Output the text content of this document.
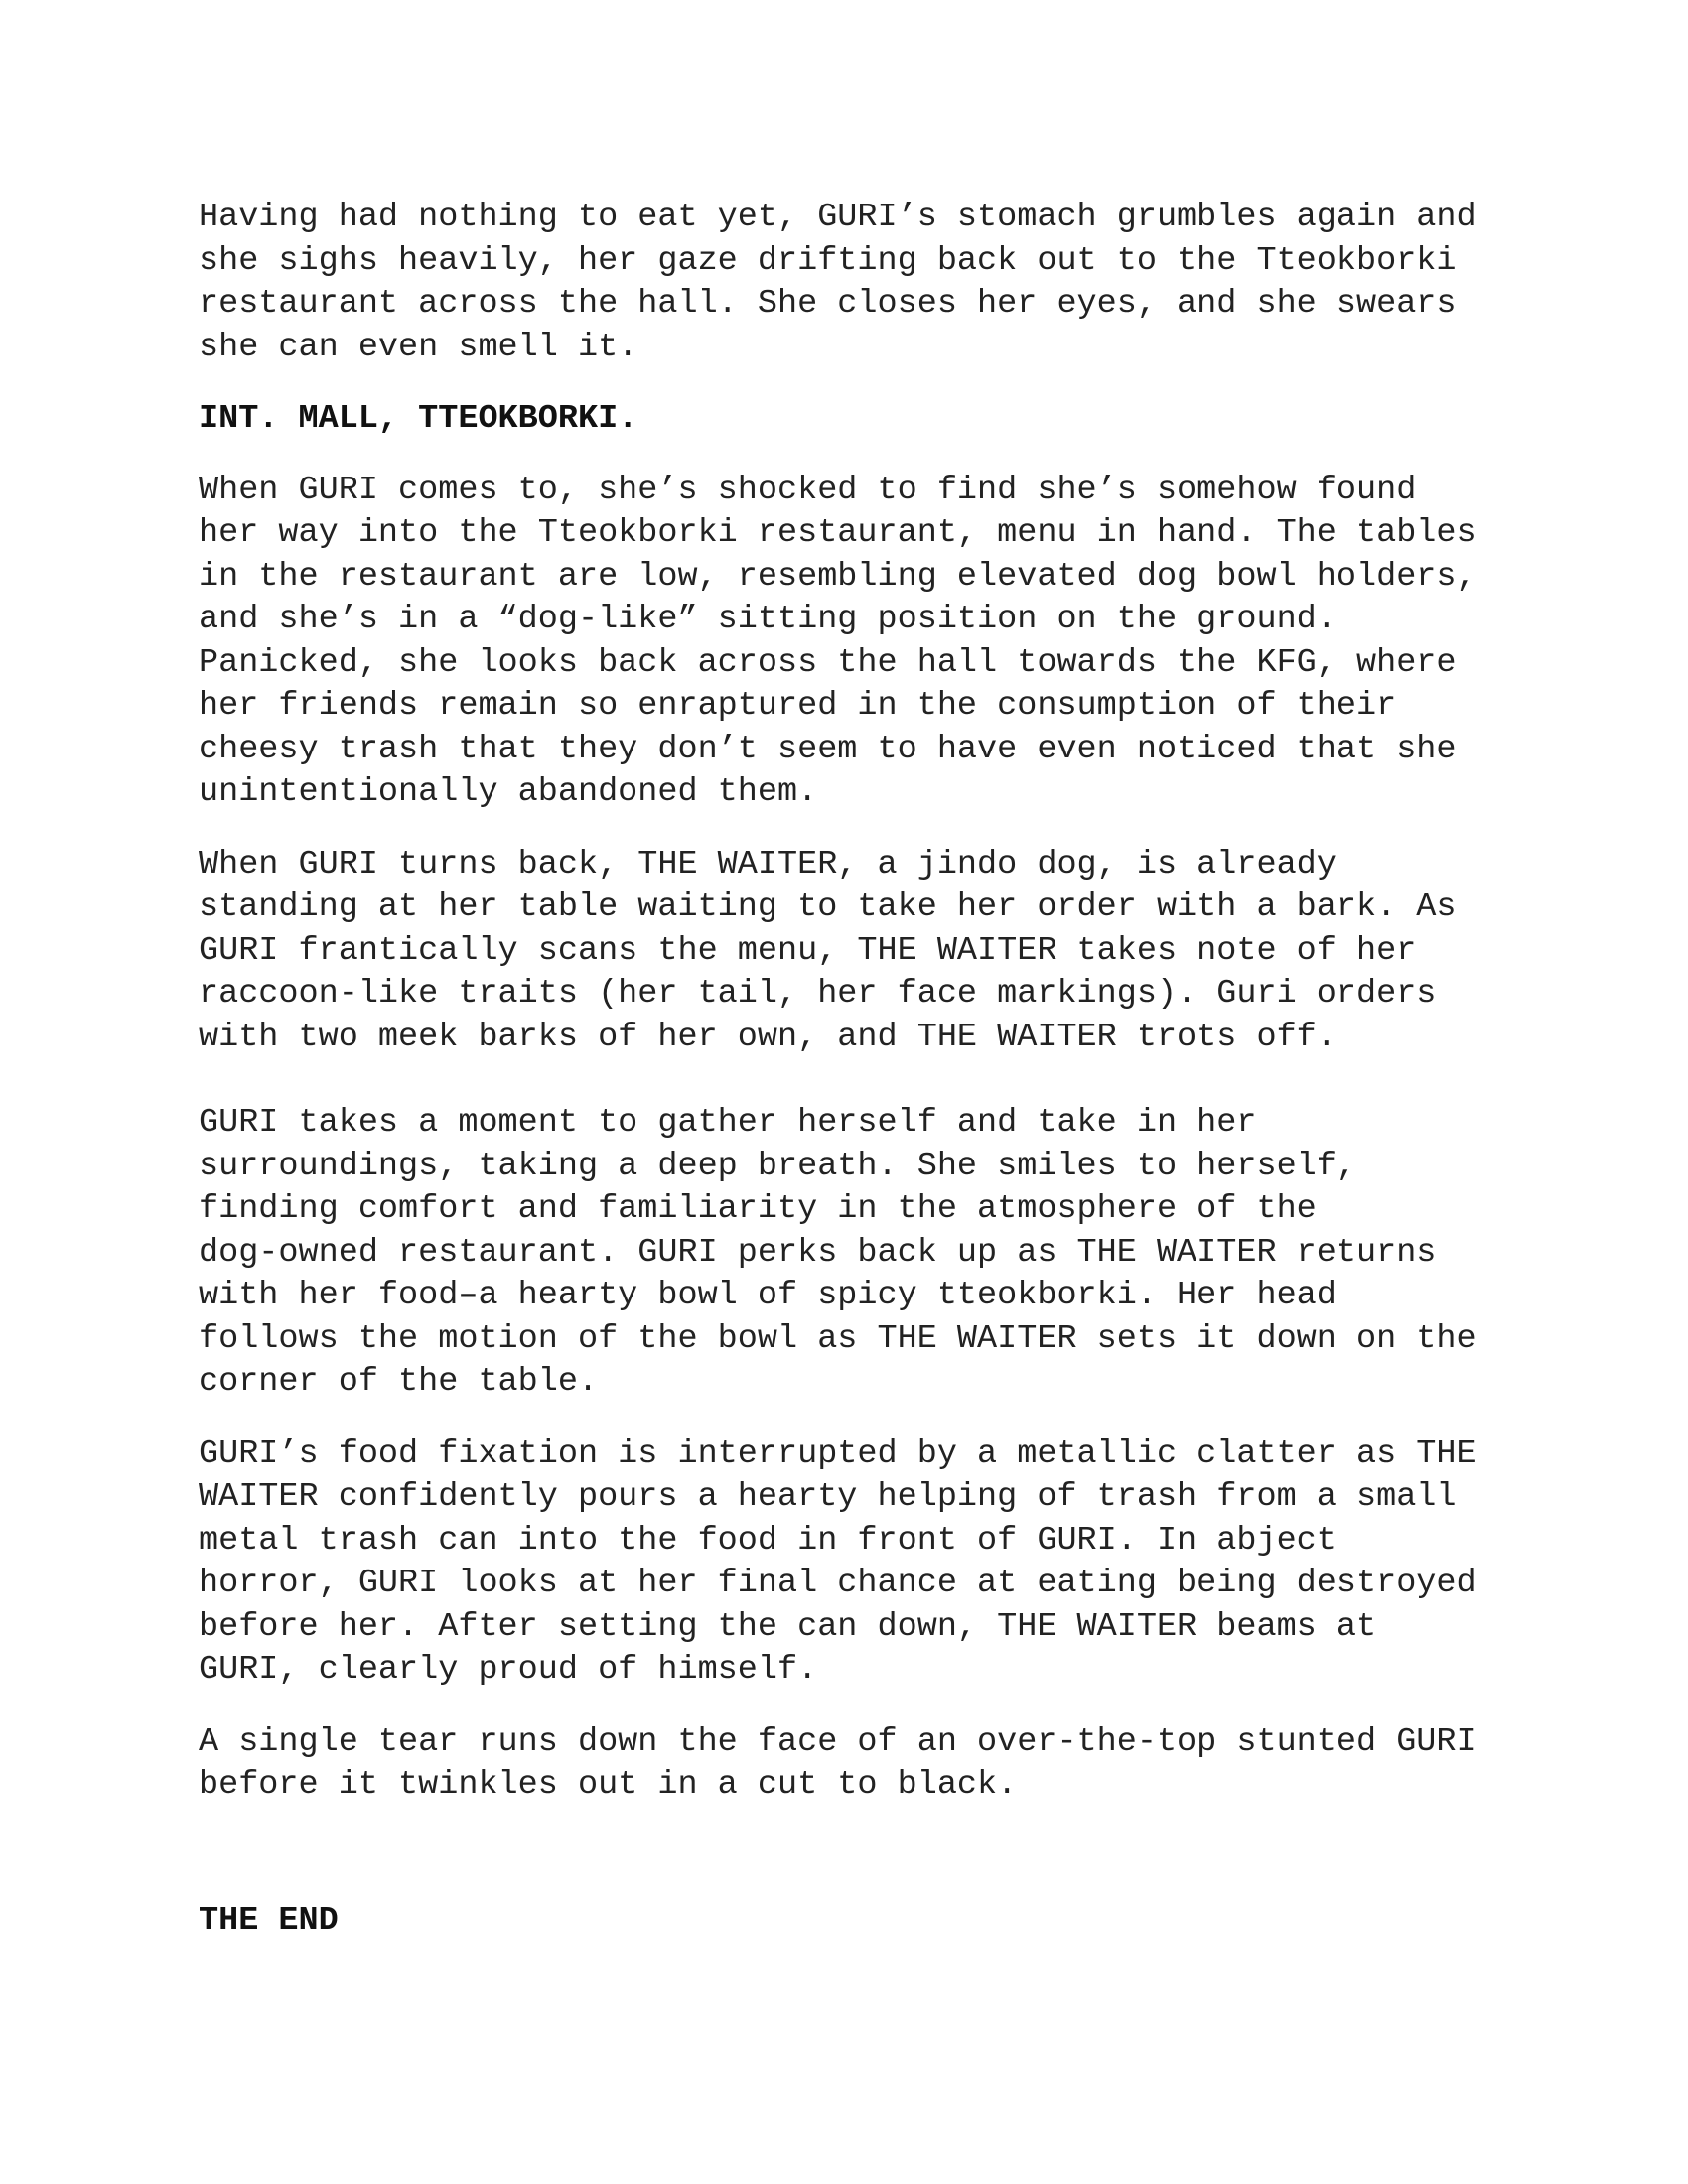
Having had nothing to eat yet, GURI’s stomach grumbles again and
she sighs heavily, her gaze drifting back out to the Tteokborki
restaurant across the hall. She closes her eyes, and she swears
she can even smell it.

INT. MALL, TTEOKBORKI.

When GURI comes to, she’s shocked to find she’s somehow found
her way into the Tteokborki restaurant, menu in hand. The tables
in the restaurant are low, resembling elevated dog bowl holders,
and she’s in a “dog-like” sitting position on the ground.
Panicked, she looks back across the hall towards the KFG, where
her friends remain so enraptured in the consumption of their
cheesy trash that they don’t seem to have even noticed that she
unintentionally abandoned them.

When GURI turns back, THE WAITER, a jindo dog, is already
standing at her table waiting to take her order with a bark. As
GURI frantically scans the menu, THE WAITER takes note of her
raccoon-like traits (her tail, her face markings). Guri orders
with two meek barks of her own, and THE WAITER trots off.

GURI takes a moment to gather herself and take in her
surroundings, taking a deep breath. She smiles to herself,
finding comfort and familiarity in the atmosphere of the
dog-owned restaurant. GURI perks back up as THE WAITER returns
with her food–a hearty bowl of spicy tteokborki. Her head
follows the motion of the bowl as THE WAITER sets it down on the
corner of the table.

GURI’s food fixation is interrupted by a metallic clatter as THE
WAITER confidently pours a hearty helping of trash from a small
metal trash can into the food in front of GURI. In abject
horror, GURI looks at her final chance at eating being destroyed
before her. After setting the can down, THE WAITER beams at
GURI, clearly proud of himself.

A single tear runs down the face of an over-the-top stunted GURI
before it twinkles out in a cut to black.

THE END
